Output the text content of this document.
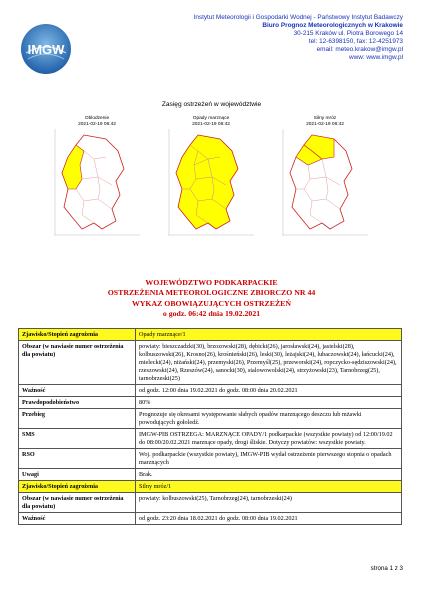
IMGW
Instytut Meteorologii i Gospodarki Wodnej - Państwowy Instytut Badawczy
Biuro Prognoz Meteorologicznych w Krakowie
30-215 Kraków ul. Piotra Borowego 14
tel: 12-6398150, fax: 12-4251973
email: meteo.krakow@imgw.pl
www: www.imgw.pl
Zasięg ostrzeżeń w województwie
Oblodzenie
2021-02-19 06:42
Opady marznące
2021-02-19 06:42
Silny mróz
2021-02-19 06:42
WOJEWÓDZTWO PODKARPACKIE
OSTRZEŻENIA METEOROLOGICZNE ZBIORCZO NR 44
WYKAZ OBOWIĄZUJĄCYCH OSTRZEŻEŃ
o godz. 06:42 dnia 19.02.2021
Zjawisko/Stopień zagrożenia	Opady marznące/1
Obszar (w nawiasie numer ostrzeżenia dla powiatu)	powiaty: bieszczadzki(30), brzozowski(28), dębicki(26), jarosławski(24), jasielski(28), kolbuszowski(26), Krosno(26), krośnieński(26), leski(30), leżajski(24), lubaczowski(24), łańcucki(24), mielecki(24), niżański(24), przemyski(26), Przemyśl(25), przeworski(24), ropczycko-sędziszowski(24), rzeszowski(24), Rzeszów(24), sanocki(30), stalowowolski(24), strzyżowski(23), Tarnobrzeg(25), tarnobrzeski(25)
Ważność	od godz. 12:00 dnia 19.02.2021 do godz. 08:00 dnia 20.02.2021
Prawdopodobieństwo	80%
Przebieg	Prognozuje się okresami występowanie słabych opadów marznącego deszczu lub mżawki powodujących gołoledź.
SMS	IMGW-PIB OSTRZEGA: MARZNĄCE OPADY/1 podkarpackie (wszystkie powiaty) od 12:00/19.02 do 08:00/20.02.2021 marznące opady, drogi śliskie. Dotyczy powiatów: wszystkie powiaty.
RSO	Woj. podkarpackie (wszystkie powiaty), IMGW-PIB wydał ostrzeżenie pierwszego stopnia o opadach marznących
Uwagi	Brak.
Zjawisko/Stopień zagrożenia	Silny mróz/1
Obszar (w nawiasie numer ostrzeżenia dla powiatu)	powiaty: kolbuszowski(25), Tarnobrzeg(24), tarnobrzeski(24)
Ważność	od godz. 23:20 dnia 18.02.2021 do godz. 08:00 dnia 19.02.2021
strona 1 z 3
